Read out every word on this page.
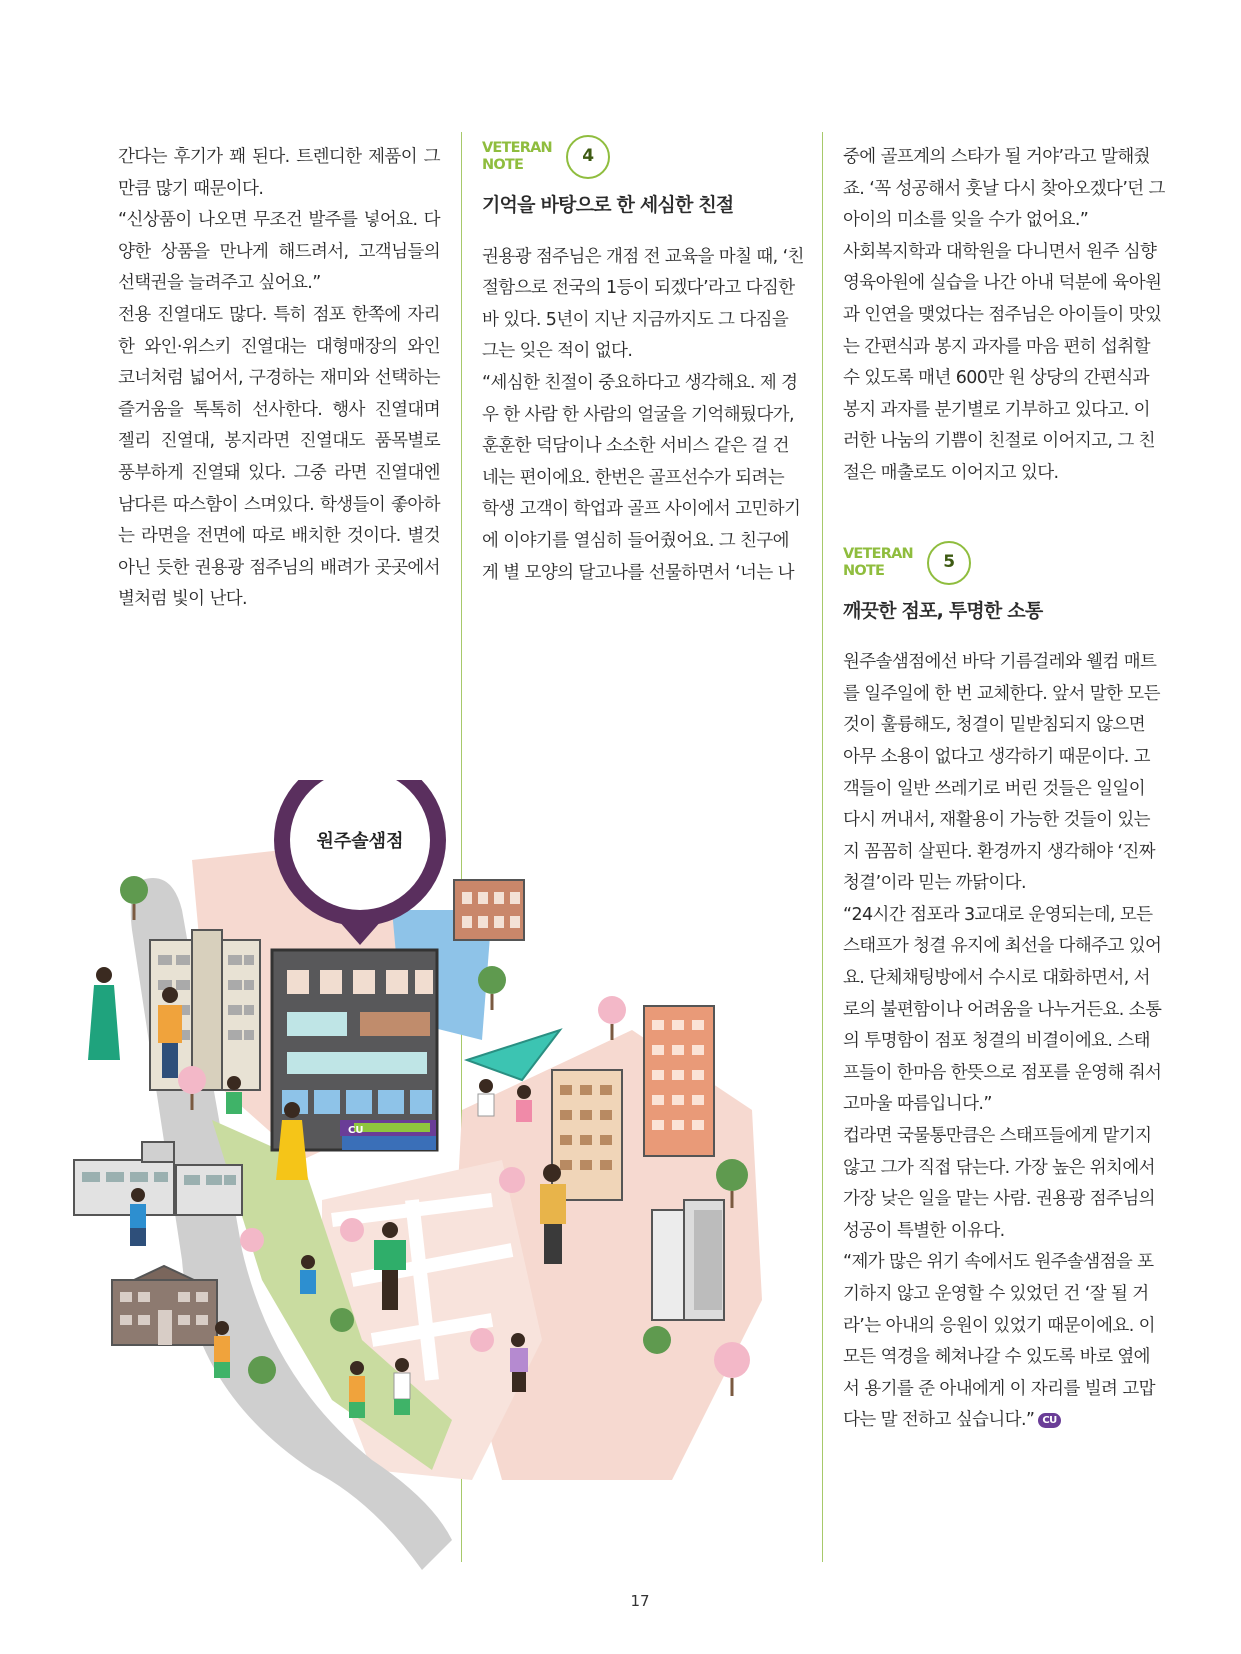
간다는 후기가 꽤 된다. 트렌디한 제품이 그만큼 많기 때문이다.

“신상품이 나오면 무조건 발주를 넣어요. 다양한 상품을 만나게 해드려서, 고객님들의 선택권을 늘려주고 싶어요.”

전용 진열대도 많다. 특히 점포 한쪽에 자리한 와인·위스키 진열대는 대형매장의 와인 코너처럼 넓어서, 구경하는 재미와 선택하는 즐거움을 톡톡히 선사한다. 행사 진열대며 젤리 진열대, 봉지라면 진열대도 품목별로 풍부하게 진열돼 있다. 그중 라면 진열대엔 남다른 따스함이 스며있다. 학생들이 좋아하는 라면을 전면에 따로 배치한 것이다. 별것 아닌 듯한 권용광 점주님의 배려가 곳곳에서 별처럼 빛이 난다.

VETERAN
NOTE	4
기억을 바탕으로 한 세심한 친절

권용광 점주님은 개점 전 교육을 마칠 때, ‘친절함으로 전국의 1등이 되겠다’라고 다짐한 바 있다. 5년이 지난 지금까지도 그 다짐을 그는 잊은 적이 없다.

“세심한 친절이 중요하다고 생각해요. 제 경우 한 사람 한 사람의 얼굴을 기억해뒀다가, 훈훈한 덕담이나 소소한 서비스 같은 걸 건네는 편이에요. 한번은 골프선수가 되려는 학생 고객이 학업과 골프 사이에서 고민하기에 이야기를 열심히 들어줬어요. 그 친구에게 별 모양의 달고나를 선물하면서 ‘너는 나

중에 골프계의 스타가 될 거야’라고 말해줬죠. ‘꼭 성공해서 훗날 다시 찾아오겠다’던 그 아이의 미소를 잊을 수가 없어요.”

사회복지학과 대학원을 다니면서 원주 심향 영육아원에 실습을 나간 아내 덕분에 육아원과 인연을 맺었다는 점주님은 아이들이 맛있는 간편식과 봉지 과자를 마음 편히 섭취할 수 있도록 매년 600만 원 상당의 간편식과 봉지 과자를 분기별로 기부하고 있다고. 이러한 나눔의 기쁨이 친절로 이어지고, 그 친절은 매출로도 이어지고 있다.

VETERAN
NOTE	5
깨끗한 점포, 투명한 소통

원주솔샘점에선 바닥 기름걸레와 웰컴 매트를 일주일에 한 번 교체한다. 앞서 말한 모든 것이 훌륭해도, 청결이 밑받침되지 않으면 아무 소용이 없다고 생각하기 때문이다. 고객들이 일반 쓰레기로 버린 것들은 일일이 다시 꺼내서, 재활용이 가능한 것들이 있는지 꼼꼼히 살핀다. 환경까지 생각해야 ‘진짜 청결’이라 믿는 까닭이다.

“24시간 점포라 3교대로 운영되는데, 모든 스태프가 청결 유지에 최선을 다해주고 있어요. 단체채팅방에서 수시로 대화하면서, 서로의 불편함이나 어려움을 나누거든요. 소통의 투명함이 점포 청결의 비결이에요. 스태프들이 한마음 한뜻으로 점포를 운영해 줘서 고마울 따름입니다.”

컵라면 국물통만큼은 스태프들에게 맡기지 않고 그가 직접 닦는다. 가장 높은 위치에서 가장 낮은 일을 맡는 사람. 권용광 점주님의 성공이 특별한 이유다.

“제가 많은 위기 속에서도 원주솔샘점을 포기하지 않고 운영할 수 있었던 건 ‘잘 될 거라’는 아내의 응원이 있었기 때문이에요. 이 모든 역경을 헤쳐나갈 수 있도록 바로 옆에서 용기를 준 아내에게 이 자리를 빌려 고맙다는 말 전하고 싶습니다.” CU

CU
원주솔샘점
17
